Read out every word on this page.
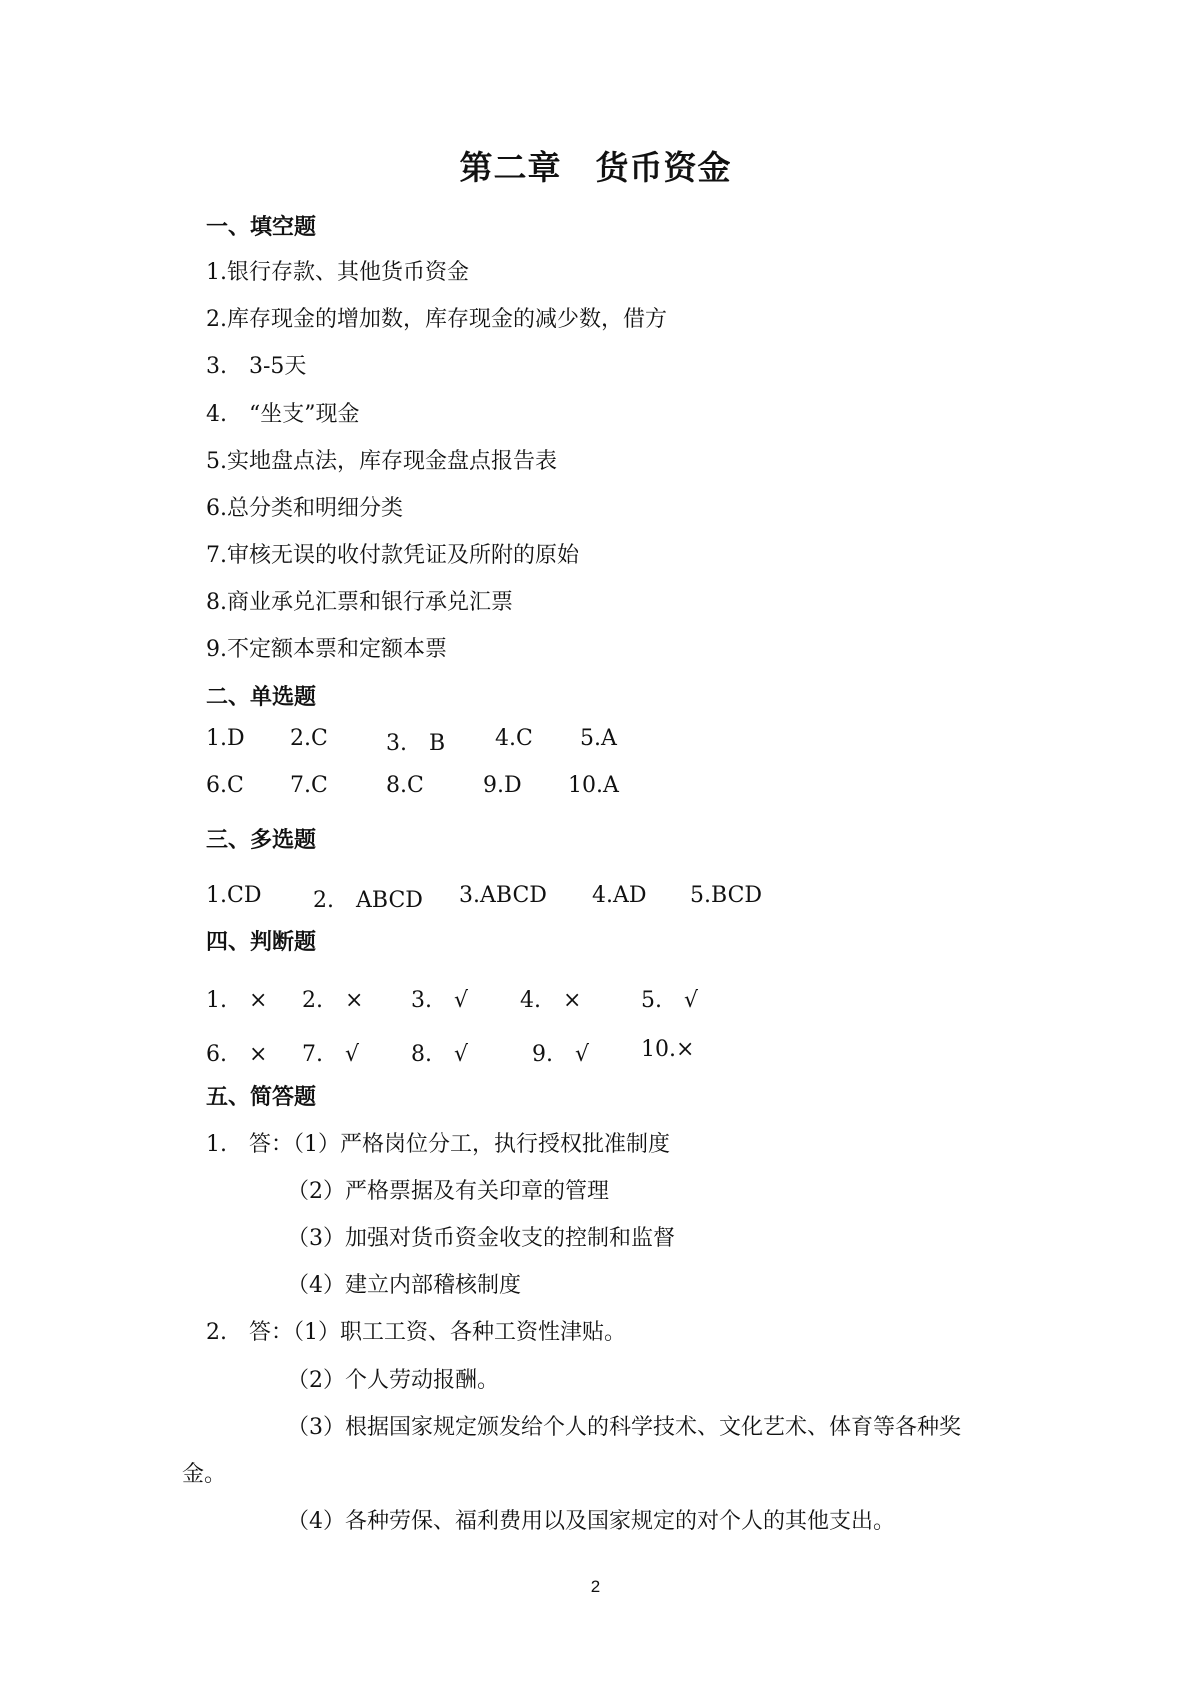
第二章　货币资金
一、填空题
1.银行存款、其他货币资金
2.库存现金的增加数，库存现金的减少数，借方
3.　3-5天
4.　“坐支”现金
5.实地盘点法，库存现金盘点报告表
6.总分类和明细分类
7.审核无误的收付款凭证及所附的原始
8.商业承兑汇票和银行承兑汇票
9.不定额本票和定额本票
二、单选题
1.D 2.C	3.　B 4.C 5.A
6.C 7.C	8.C	9.D 10.A
三、多选题
1.CD 2.　ABCD 3.ABCD 4.AD 5.BCD
四、判断题
1.　× 2.　× 3.　√ 4.　×	5.　√
6.　× 7.　√ 8.　√	9.　√ 10.×
五、简答题
1.　答：（1）严格岗位分工，执行授权批准制度
（2）严格票据及有关印章的管理
（3）加强对货币资金收支的控制和监督
（4）建立内部稽核制度
2.　答：（1）职工工资、各种工资性津贴。
（2）个人劳动报酬。
（3）根据国家规定颁发给个人的科学技术、文化艺术、体育等各种奖
金。
（4）各种劳保、福利费用以及国家规定的对个人的其他支出。
2
